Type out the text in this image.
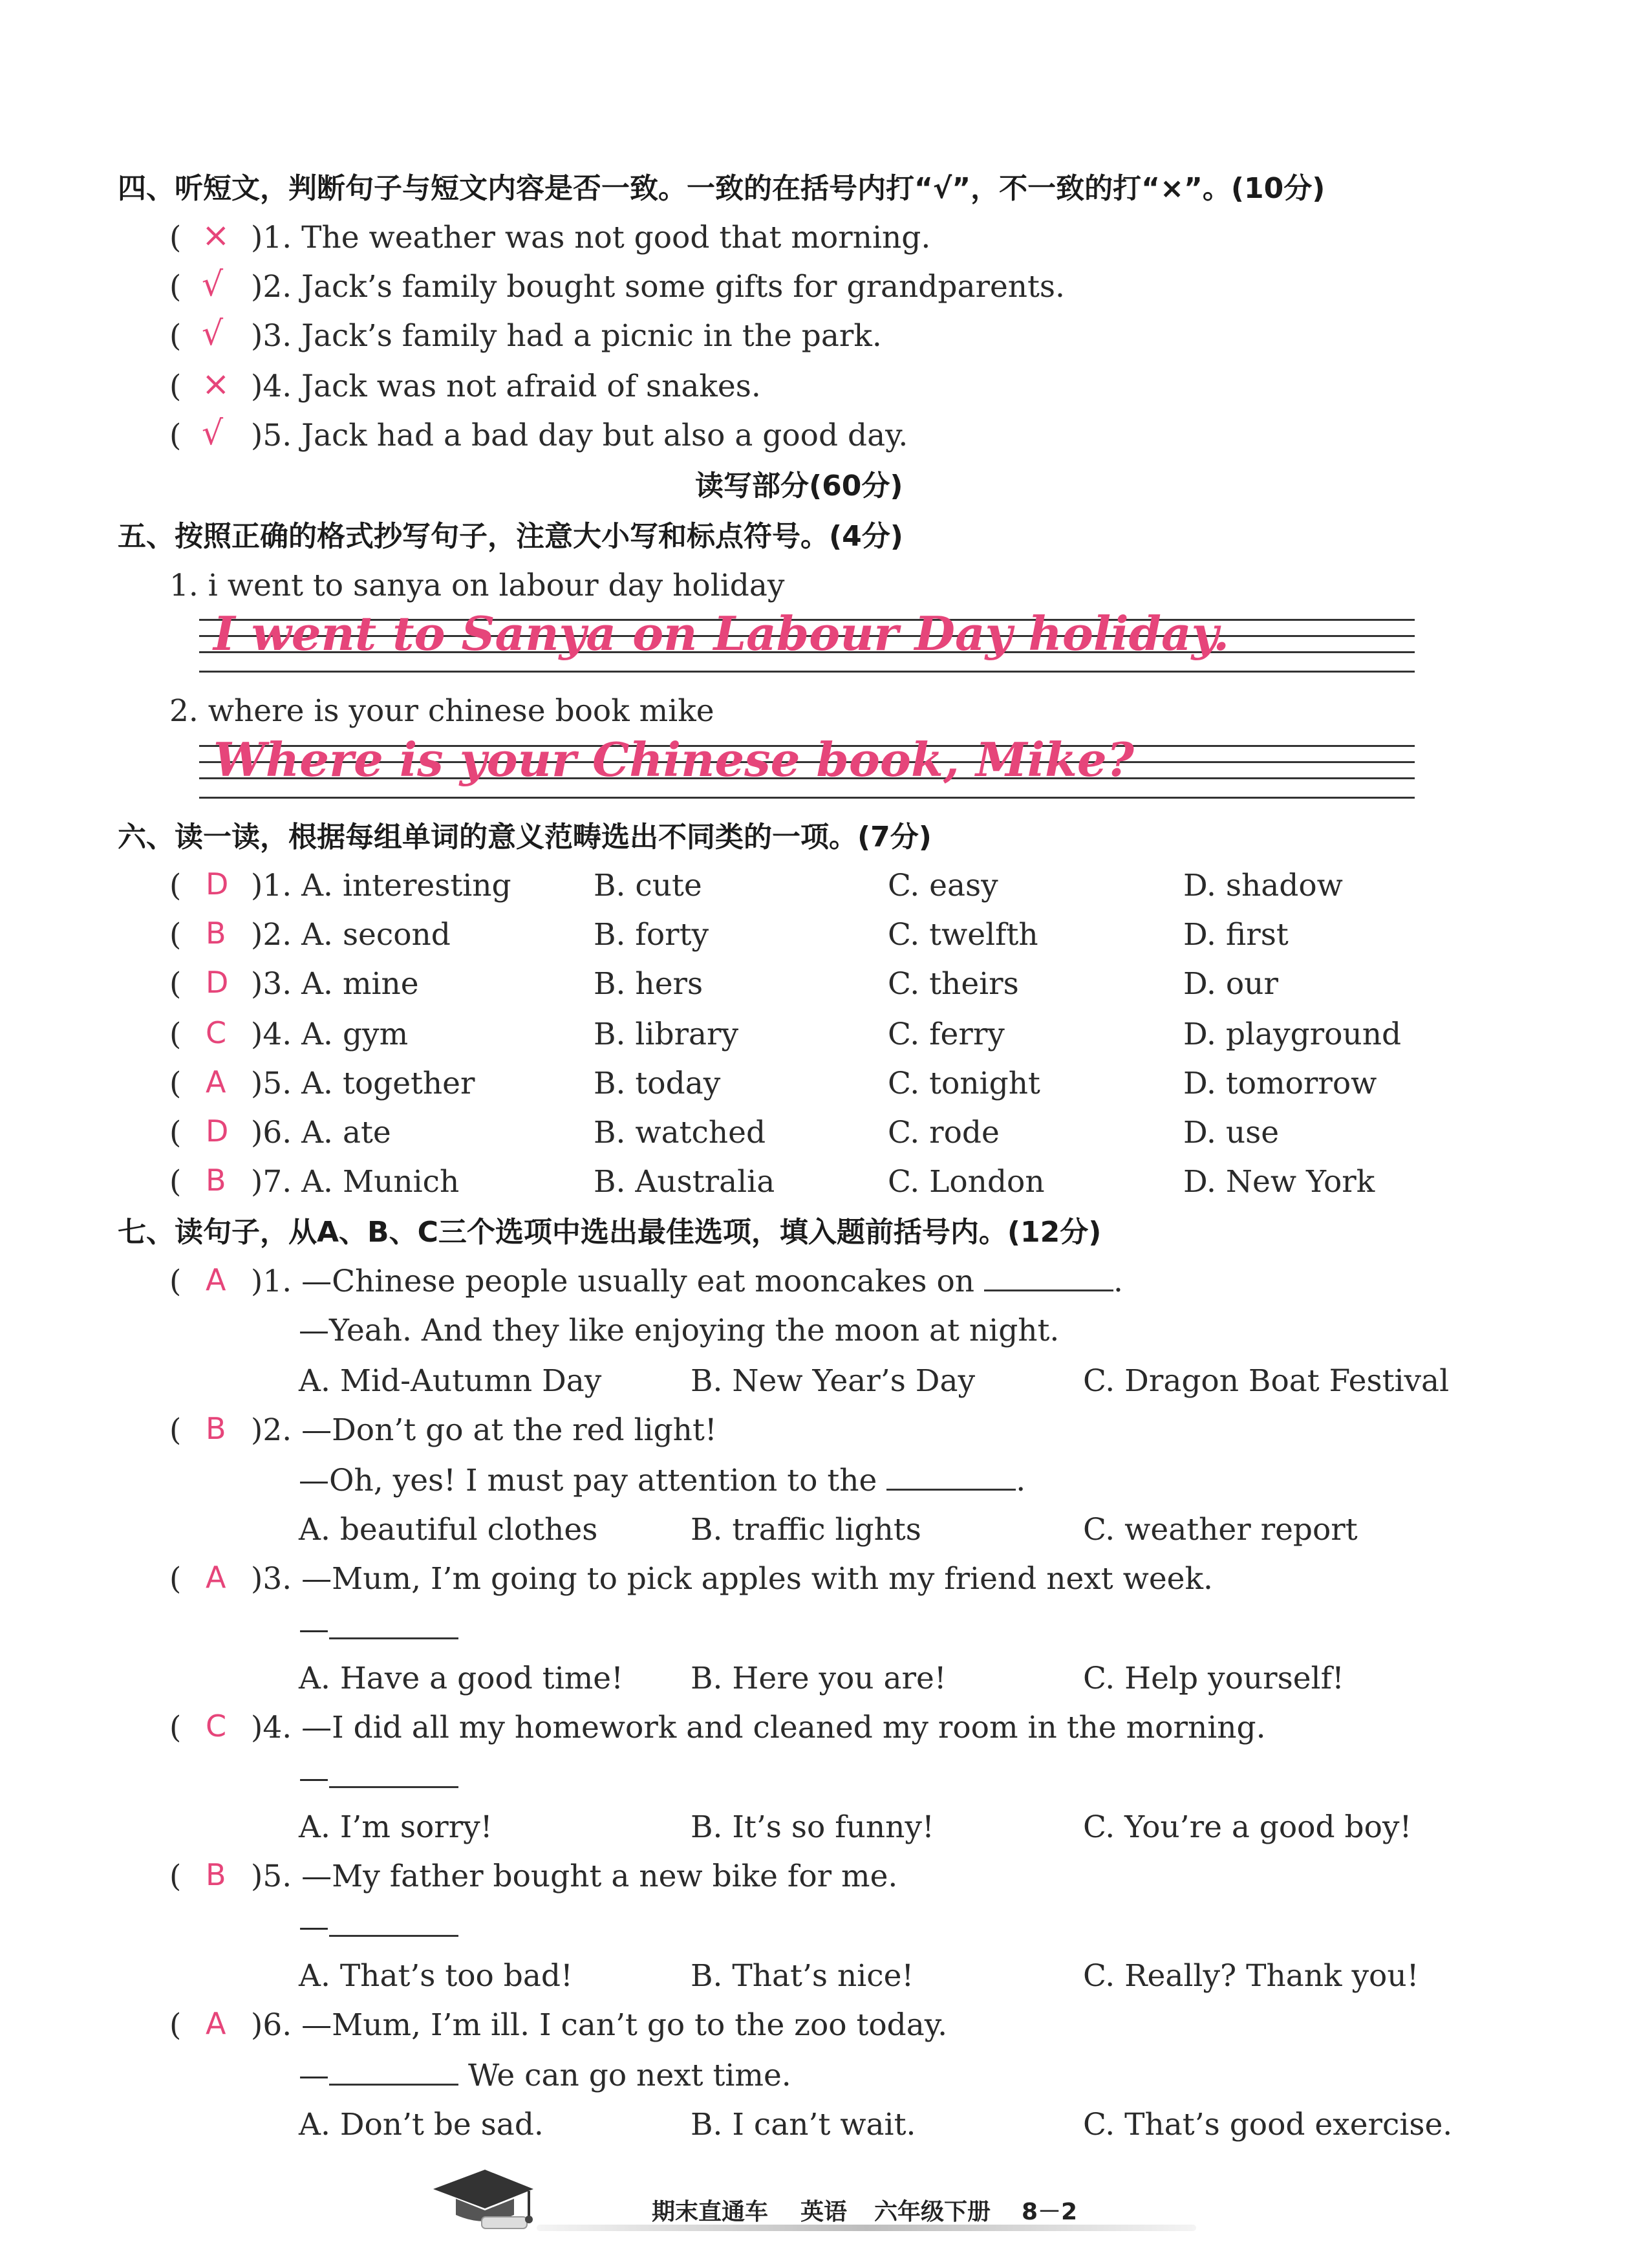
四、听短文，判断句子与短文内容是否一致。一致的在括号内打“√”，不一致的打“×”。(10分)
( × )1. The weather was not good that morning.
( √ )2. Jack’s family bought some gifts for grandparents.
( √ )3. Jack’s family had a picnic in the park.
( × )4. Jack was not afraid of snakes.
( √ )5. Jack had a bad day but also a good day.
读写部分(60分)
五、按照正确的格式抄写句子，注意大小写和标点符号。(4分)
1. i went to sanya on labour day holiday
I went to Sanya on Labour Day holiday.
2. where is your chinese book mike
Where is your Chinese book, Mike?
六、读一读，根据每组单词的意义范畴选出不同类的一项。(7分)
( D )1. A. interesting	B. cute	C. easy	D. shadow
( B )2. A. second	B. forty	C. twelfth	D. first
( D )3. A. mine	B. hers	C. theirs	D. our
( C )4. A. gym	B. library	C. ferry	D. playground
( A )5. A. together	B. today	C. tonight	D. tomorrow
( D )6. A. ate	B. watched	C. rode	D. use
( B )7. A. Munich	B. Australia	C. London	D. New York
七、读句子，从A、B、C三个选项中选出最佳选项，填入题前括号内。(12分)
( A )1. —Chinese people usually eat mooncakes on	.
—Yeah. And they like enjoying the moon at night.
A. Mid-Autumn Day	B. New Year’s Day	C. Dragon Boat Festival
( B )2. —Don’t go at the red light!
—Oh, yes! I must pay attention to the	.
A. beautiful clothes	B. traffic lights	C. weather report
( A )3. —Mum, I’m going to pick apples with my friend next week.
—
A. Have a good time! B. Here you are!	C. Help yourself!
( C )4. —I did all my homework and cleaned my room in the morning.
—
A. I’m sorry!	B. It’s so funny!	C. You’re a good boy!
( B )5. —My father bought a new bike for me.
—
A. That’s too bad!	B. That’s nice!	C. Really? Thank you!
( A )6. —Mum, I’m ill. I can’t go to the zoo today.
—	We can go next time.
A. Don’t be sad.	B. I can’t wait.	C. That’s good exercise.
期末直通车 英语 六年级下册 8－2
